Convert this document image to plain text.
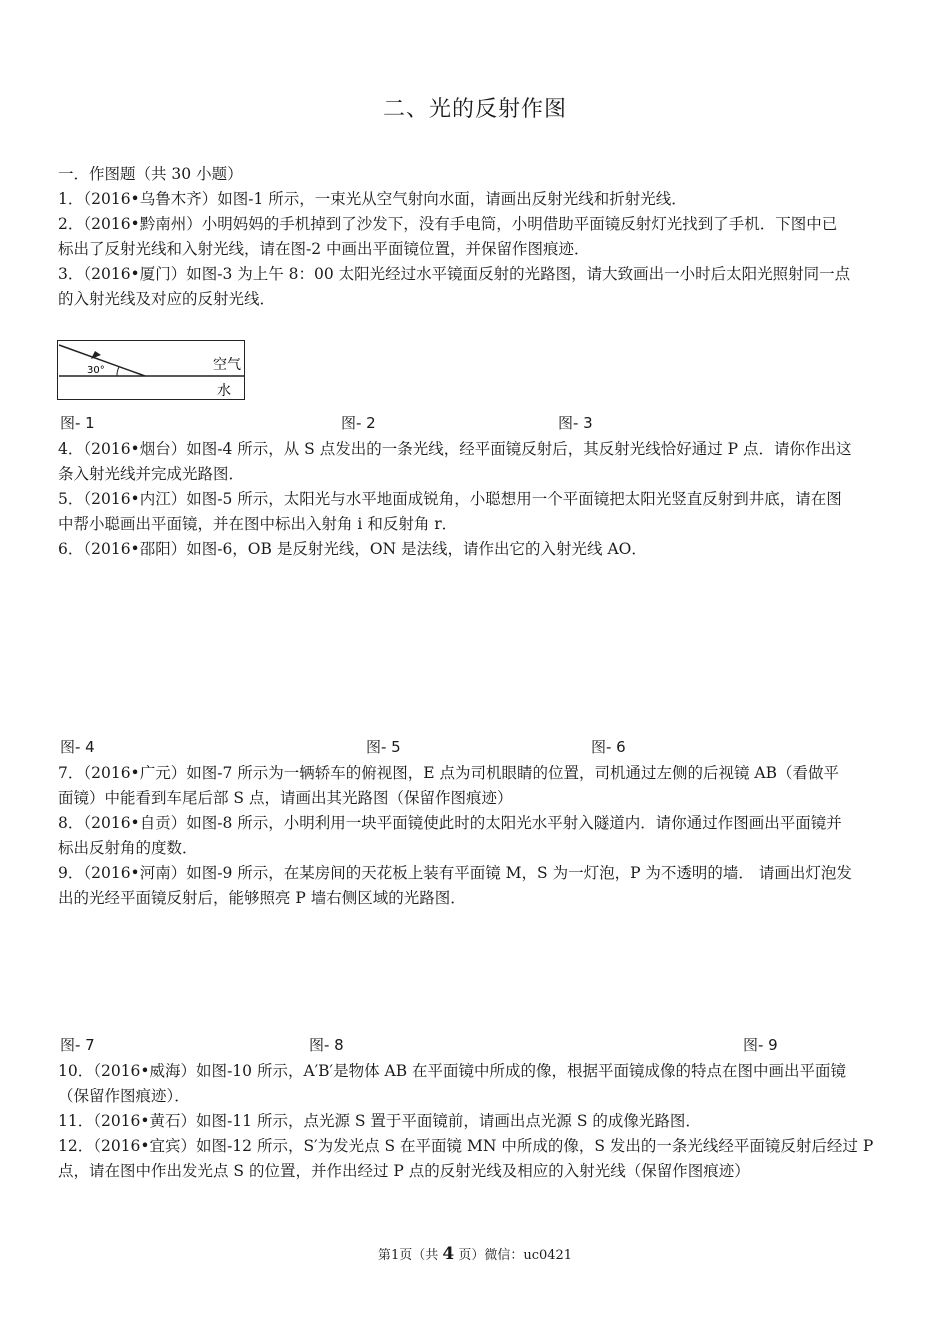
二、光的反射作图
一．作图题（共 30 小题）
1．（2016•乌鲁木齐）如图-1 所示，一束光从空气射向水面，请画出反射光线和折射光线．
2．（2016•黔南州）小明妈妈的手机掉到了沙发下，没有手电筒，小明借助平面镜反射灯光找到了手机．下图中已
标出了反射光线和入射光线，请在图-2 中画出平面镜位置，并保留作图痕迹．
3．（2016•厦门）如图-3 为上午 8：00 太阳光经过水平镜面反射的光路图，请大致画出一小时后太阳光照射同一点
的入射光线及对应的反射光线．
30°	空气
水
图- 1	图- 2	图- 3
4．（2016•烟台）如图-4 所示，从 S 点发出的一条光线，经平面镜反射后，其反射光线恰好通过 P 点．请你作出这
条入射光线并完成光路图．
5．（2016•内江）如图-5 所示，太阳光与水平地面成锐角，小聪想用一个平面镜把太阳光竖直反射到井底，请在图
中帮小聪画出平面镜，并在图中标出入射角 i 和反射角 r．
6．（2016•邵阳）如图-6，OB 是反射光线，ON 是法线，请作出它的入射光线 AO．
图- 4	图- 5	图- 6
7．（2016•广元）如图-7 所示为一辆轿车的俯视图，E 点为司机眼睛的位置，司机通过左侧的后视镜 AB（看做平
面镜）中能看到车尾后部 S 点，请画出其光路图（保留作图痕迹）
8．（2016•自贡）如图-8 所示，小明利用一块平面镜使此时的太阳光水平射入隧道内．请你通过作图画出平面镜并
标出反射角的度数．
9．（2016•河南）如图-9 所示，在某房间的天花板上装有平面镜 M，S 为一灯泡，P 为不透明的墙． 请画出灯泡发
出的光经平面镜反射后，能够照亮 P 墙右侧区域的光路图．
图- 7	图- 8	图- 9
10．（2016•威海）如图-10 所示，A′B′是物体 AB 在平面镜中所成的像，根据平面镜成像的特点在图中画出平面镜
（保留作图痕迹）．
11．（2016•黄石）如图-11 所示，点光源 S 置于平面镜前，请画出点光源 S 的成像光路图．
12．（2016•宜宾）如图-12 所示，S′为发光点 S 在平面镜 MN 中所成的像，S 发出的一条光线经平面镜反射后经过 P
点，请在图中作出发光点 S 的位置，并作出经过 P 点的反射光线及相应的入射光线（保留作图痕迹）
第1页（共 4 页）微信：uc0421
